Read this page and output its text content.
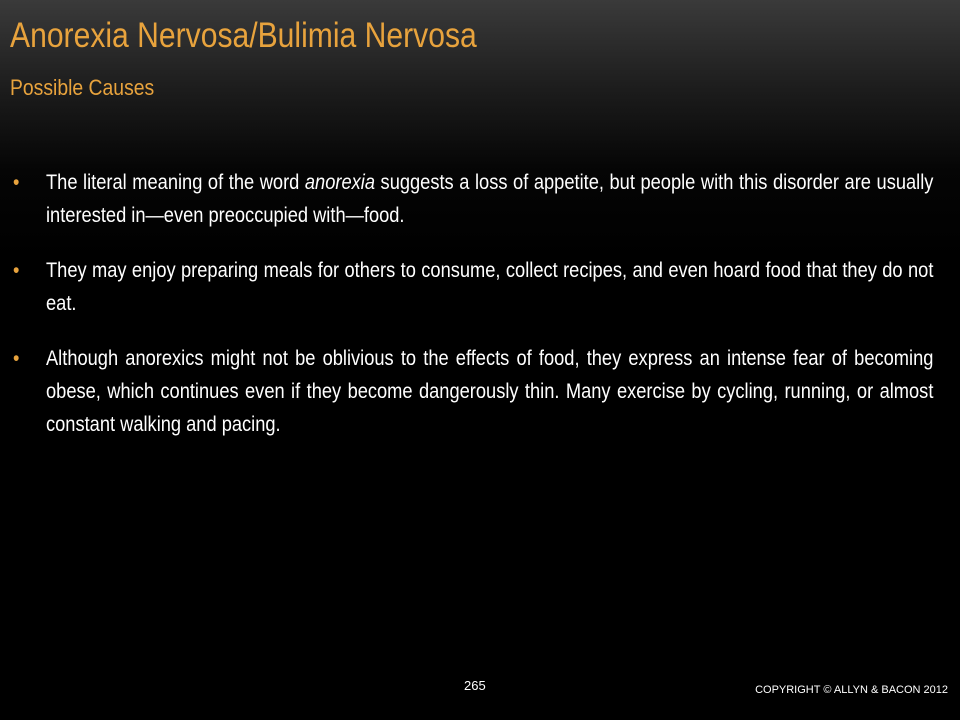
Anorexia Nervosa/Bulimia Nervosa
Possible Causes
• The literal meaning of the word anorexia suggests a loss of appetite, but people with this disorder are usually interested in—even preoccupied with—food.
• They may enjoy preparing meals for others to consume, collect recipes, and even hoard food that they do not eat.
• Although anorexics might not be oblivious to the effects of food, they express an intense fear of becoming obese, which continues even if they become dangerously thin. Many exercise by cycling, running, or almost constant walking and pacing.
265	COPYRIGHT © ALLYN & BACON 2012
